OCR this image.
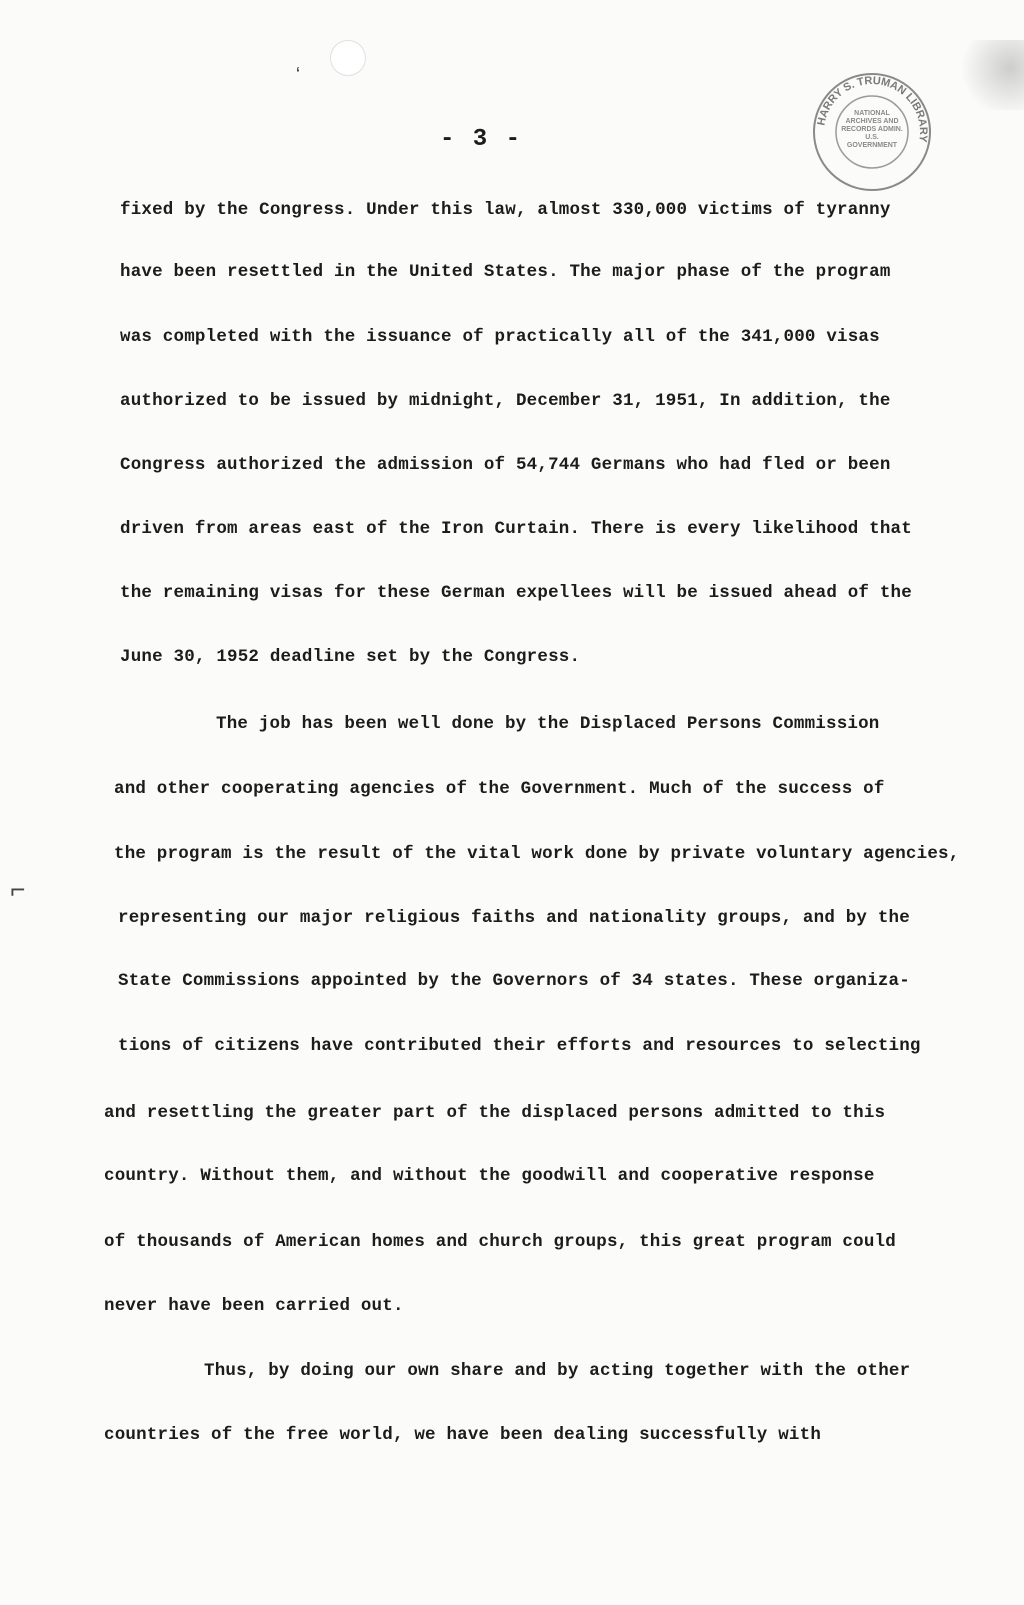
ʻ
⌐
HARRY S. TRUMAN LIBRARY
NATIONAL ARCHIVES AND RECORDS ADMIN. U.S. GOVERNMENT
- 3 -
fixed by the Congress. Under this law, almost 330,000 victims of tyranny
have been resettled in the United States. The major phase of the program
was completed with the issuance of practically all of the 341,000 visas
authorized to be issued by midnight, December 31, 1951, In addition, the
Congress authorized the admission of 54,744 Germans who had fled or been
driven from areas east of the Iron Curtain. There is every likelihood that
the remaining visas for these German expellees will be issued ahead of the
June 30, 1952 deadline set by the Congress.
The job has been well done by the Displaced Persons Commission
and other cooperating agencies of the Government. Much of the success of
the program is the result of the vital work done by private voluntary agencies,
representing our major religious faiths and nationality groups, and by the
State Commissions appointed by the Governors of 34 states. These organiza-
tions of citizens have contributed their efforts and resources to selecting
and resettling the greater part of the displaced persons admitted to this
country. Without them, and without the goodwill and cooperative response
of thousands of American homes and church groups, this great program could
never have been carried out.
Thus, by doing our own share and by acting together with the other
countries of the free world, we have been dealing successfully with
